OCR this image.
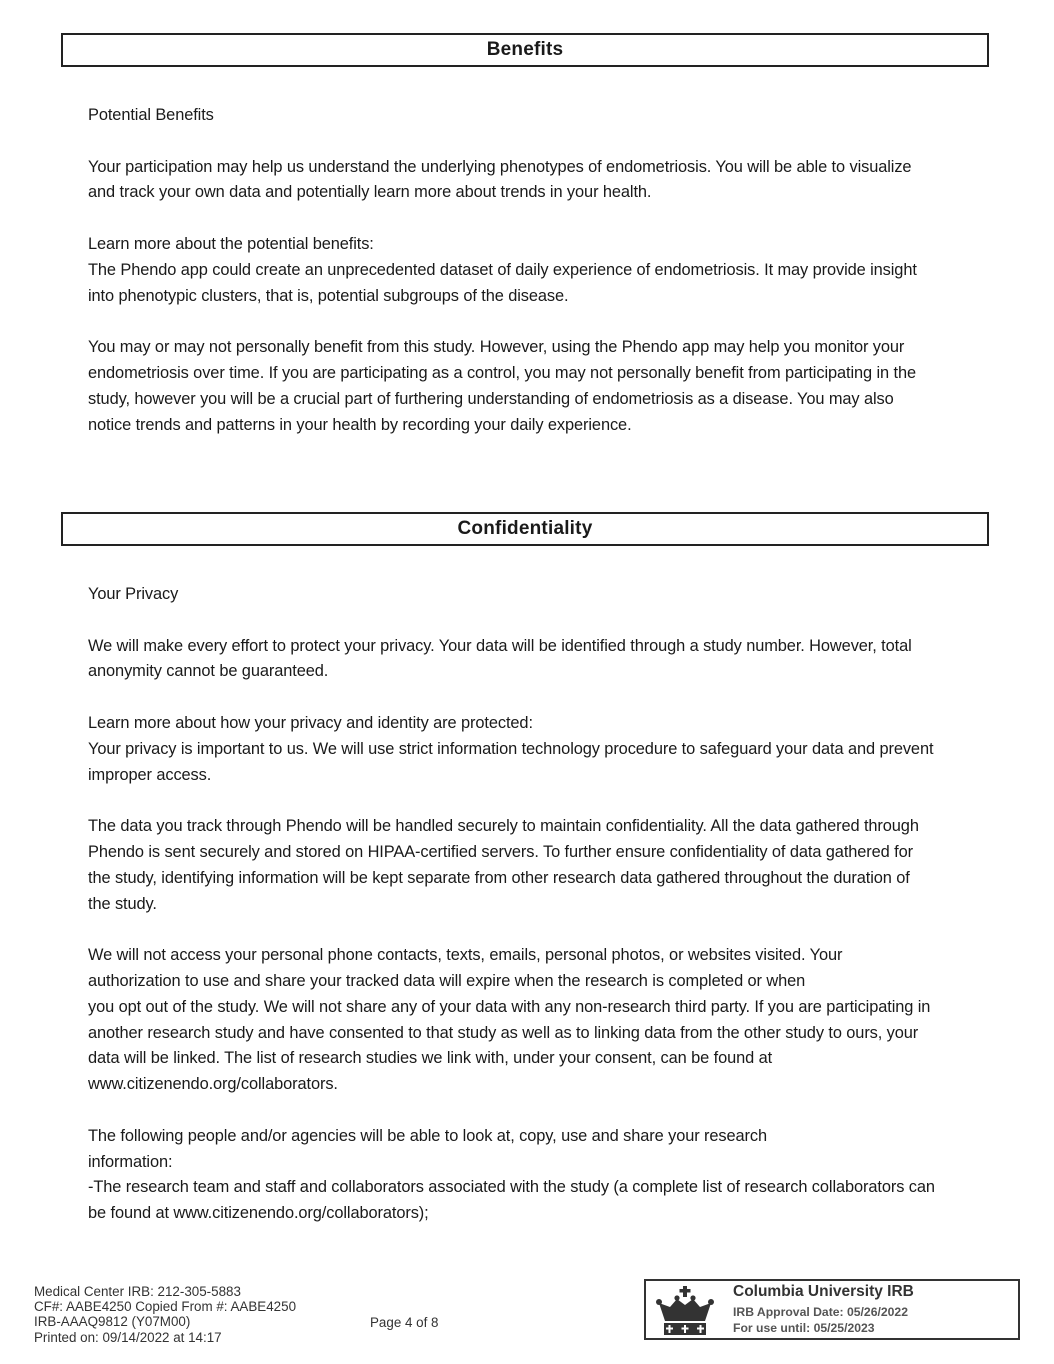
Benefits

Potential Benefits

Your participation may help us understand the underlying phenotypes of endometriosis. You will be able to visualize
and track your own data and potentially learn more about trends in your health.

Learn more about the potential benefits:

The Phendo app could create an unprecedented dataset of daily experience of endometriosis. It may provide insight
into phenotypic clusters, that is, potential subgroups of the disease.

You may or may not personally benefit from this study. However, using the Phendo app may help you monitor your
endometriosis over time. If you are participating as a control, you may not personally benefit from participating in the
study, however you will be a crucial part of furthering understanding of endometriosis as a disease. You may also
notice trends and patterns in your health by recording your daily experience.

Confidentiality

Your Privacy

We will make every effort to protect your privacy. Your data will be identified through a study number. However, total
anonymity cannot be guaranteed.

Learn more about how your privacy and identity are protected:

Your privacy is important to us. We will use strict information technology procedure to safeguard your data and prevent
improper access.

The data you track through Phendo will be handled securely to maintain confidentiality. All the data gathered through
Phendo is sent securely and stored on HIPAA-certified servers. To further ensure confidentiality of data gathered for
the study, identifying information will be kept separate from other research data gathered throughout the duration of
the study.

We will not access your personal phone contacts, texts, emails, personal photos, or websites visited. Your
authorization to use and share your tracked data will expire when the research is completed or when
you opt out of the study. We will not share any of your data with any non-research third party. If you are participating in
another research study and have consented to that study as well as to linking data from the other study to ours, your
data will be linked. The list of research studies we link with, under your consent, can be found at
www.citizenendo.org/collaborators.

The following people and/or agencies will be able to look at, copy, use and share your research
information:
-The research team and staff and collaborators associated with the study (a complete list of research collaborators can
be found at www.citizenendo.org/collaborators);

Medical Center IRB: 212-305-5883
CF#: AABE4250 Copied From #: AABE4250
IRB-AAAQ9812 (Y07M00)
Printed on: 09/14/2022 at 14:17
Page 4 of 8
Columbia University IRB
IRB Approval Date: 05/26/2022
For use until: 05/25/2023
